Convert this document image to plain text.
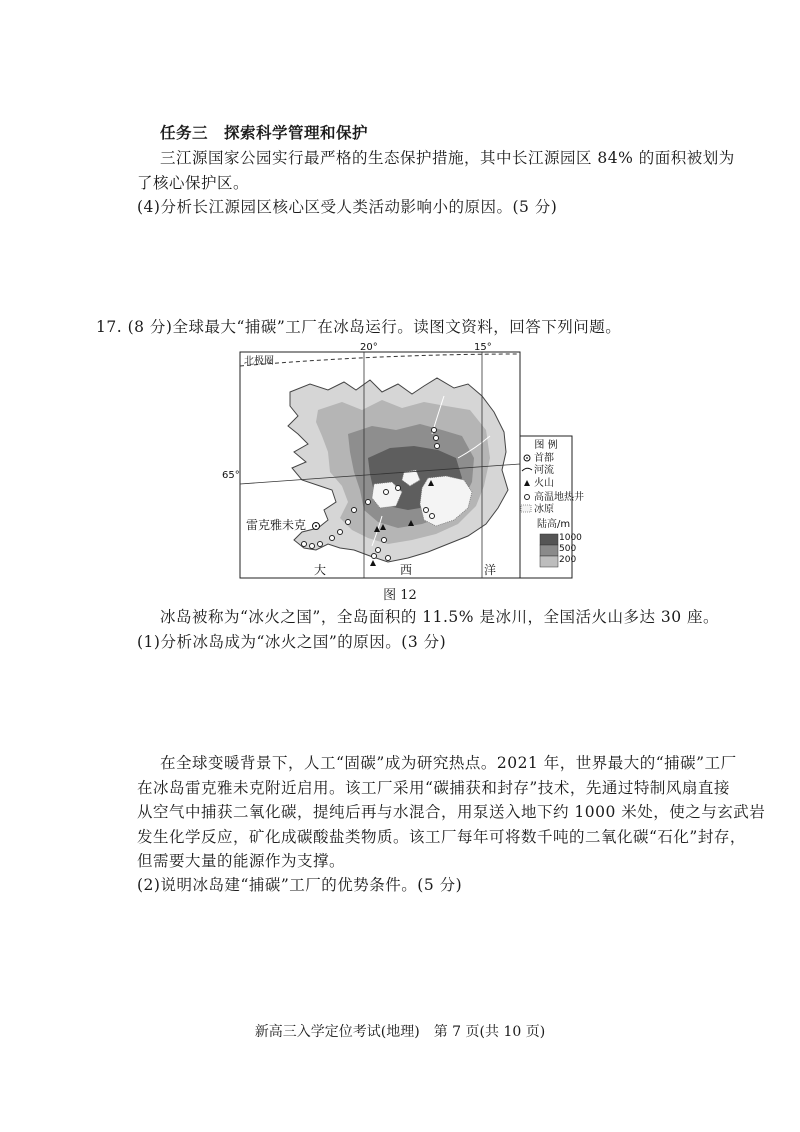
任务三　探索科学管理和保护
三江源国家公园实行最严格的生态保护措施，其中长江源园区 84% 的面积被划为
了核心保护区。
(4)分析长江源园区核心区受人类活动影响小的原因。(5 分)
17. (8 分)全球最大“捕碳”工厂在冰岛运行。读图文资料，回答下列问题。
图 例
首都
河流
火山
高温地热井
冰原
陆高/m
1000
500
200
20°	15°
北极圈
65°
雷克雅未克
大	西	洋
图 12
冰岛被称为“冰火之国”，全岛面积的 11.5% 是冰川，全国活火山多达 30 座。
(1)分析冰岛成为“冰火之国”的原因。(3 分)
在全球变暖背景下，人工“固碳”成为研究热点。2021 年，世界最大的“捕碳”工厂
在冰岛雷克雅未克附近启用。该工厂采用“碳捕获和封存”技术，先通过特制风扇直接
从空气中捕获二氧化碳，提纯后再与水混合，用泵送入地下约 1000 米处，使之与玄武岩
发生化学反应，矿化成碳酸盐类物质。该工厂每年可将数千吨的二氧化碳“石化”封存，
但需要大量的能源作为支撑。
(2)说明冰岛建“捕碳”工厂的优势条件。(5 分)
新高三入学定位考试(地理)　第 7 页(共 10 页)
